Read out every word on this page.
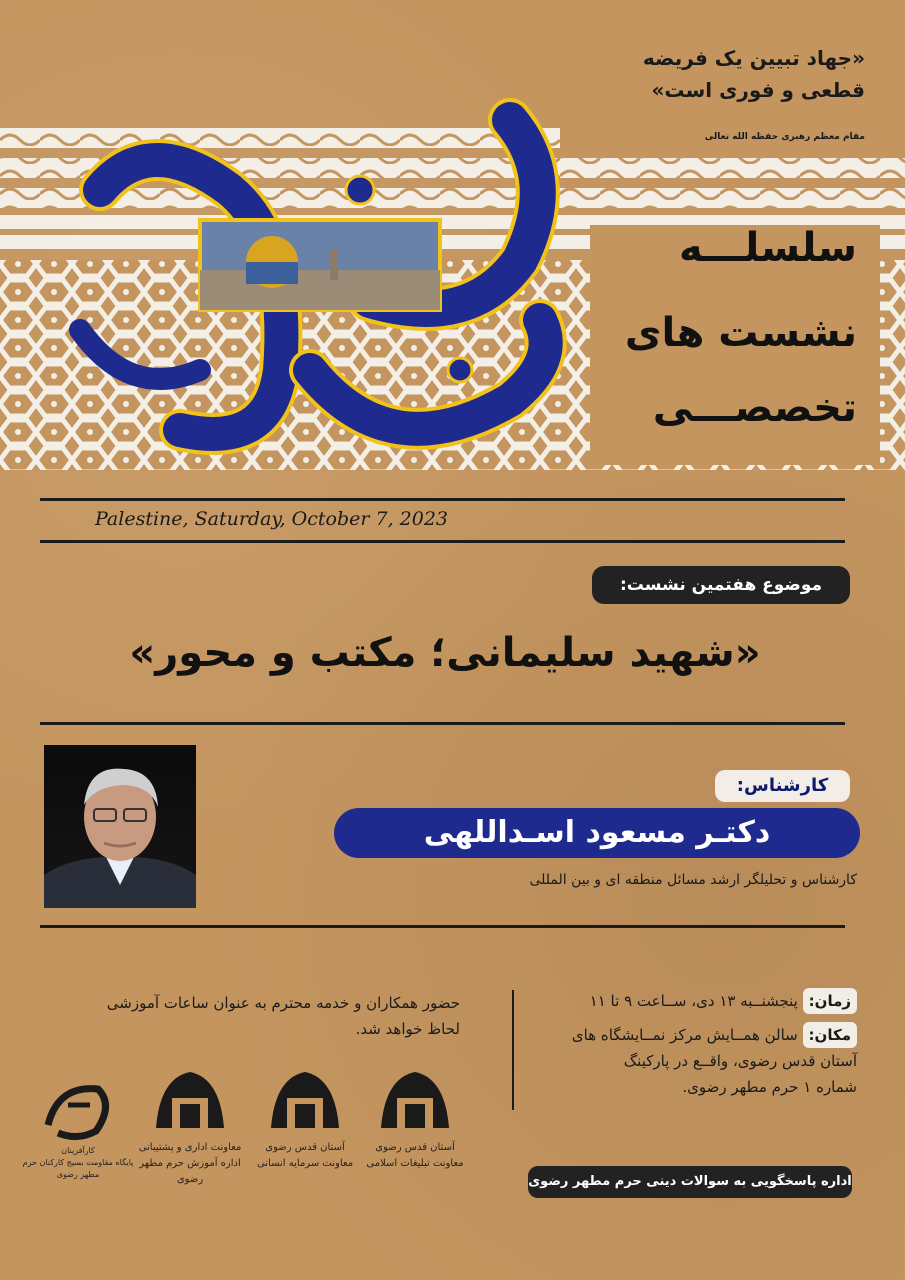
«جهاد تبیین یک فریضه
قطعی و فوری است»
مقام معظم رهبری حفظه الله تعالی
سلسلـــه
نشست های
تخصصـــی
Palestine, Saturday, October 7, 2023
موضوع هفتمین نشست:
«شهید سلیمانی؛ مکتب و محور»
کارشناس:
دکتـر مسعود اسـداللهی
کارشناس و تحلیلگر ارشد مسائل منطقه ای و بین المللی
زمان: پنجشنــبه ۱۳ دی، ســاعت ۹ تا ۱۱
مکان: سالن همــایش مرکز نمــایشگاه های
آستان قدس رضوی، واقــع در پارکینگ
شماره ۱ حرم مطهر رضوی.
حضور همکاران و خدمه محترم به عنوان ساعات آموزشی
لحاظ خواهد شد.
اداره پاسخگویی به سوالات دینی حرم مطهر رضوی
آستان قدس رضوی
معاونت تبلیغات اسلامی
آستان قدس رضوی
معاونت سرمایه انسانی
معاونت اداری و پشتیبانی
اداره آموزش حرم مطهر رضوی
کارآفرینان
پایگاه مقاومت بسیج کارکنان حرم مطهر رضوی
